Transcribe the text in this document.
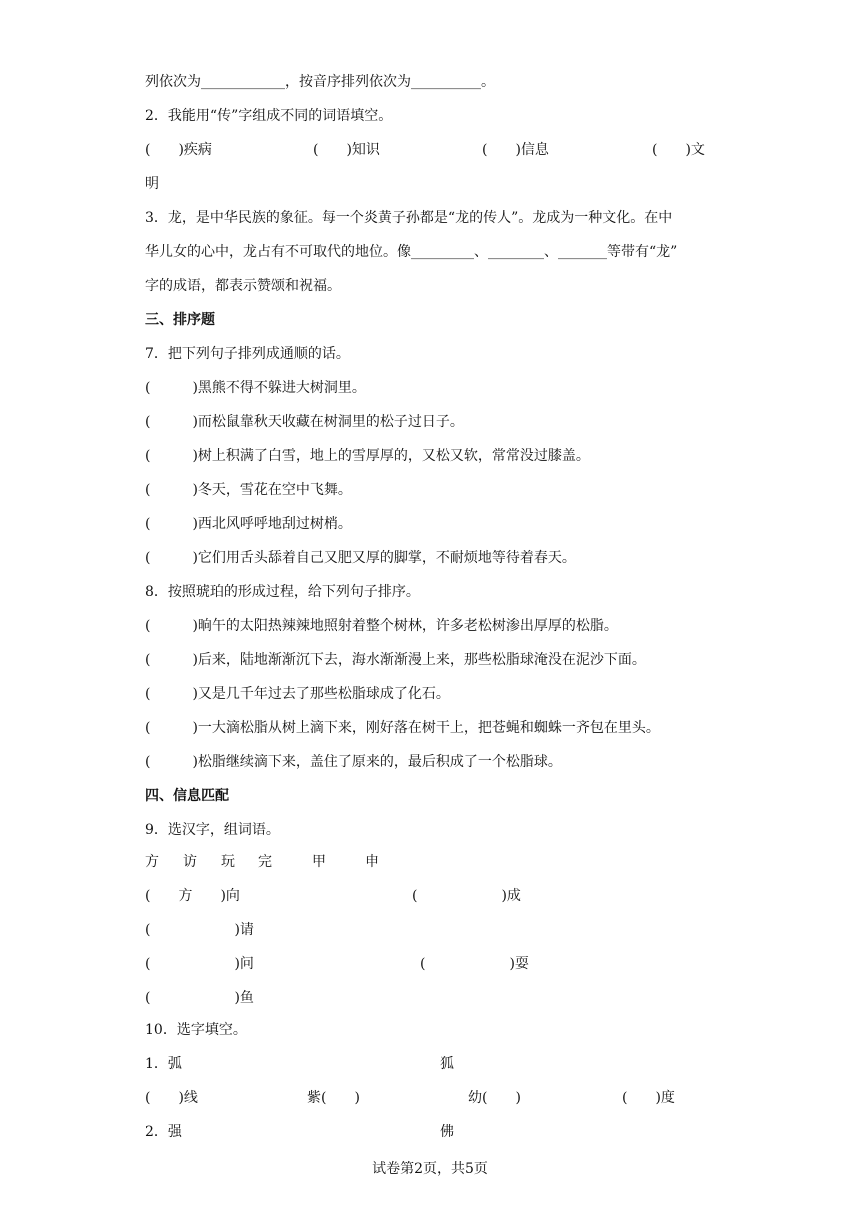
列依次为____________，按音序排列依次为__________。
2．我能用“传”字组成不同的词语填空。
(　　)疾病	(　　)知识	(　　)信息	(　　)文
明
3．龙，是中华民族的象征。每一个炎黄子孙都是“龙的传人”。龙成为一种文化。在中
华儿女的心中，龙占有不可取代的地位。像_________、________、_______等带有“龙”
字的成语，都表示赞颂和祝福。
三、排序题
7．把下列句子排列成通顺的话。
(　　　)黑熊不得不躲进大树洞里。
(　　　)而松鼠靠秋天收藏在树洞里的松子过日子。
(　　　)树上积满了白雪，地上的雪厚厚的，又松又软，常常没过膝盖。
(　　　)冬天，雪花在空中飞舞。
(　　　)西北风呼呼地刮过树梢。
(　　　)它们用舌头舔着自己又肥又厚的脚掌，不耐烦地等待着春天。
8．按照琥珀的形成过程，给下列句子排序。
(　　　)晌午的太阳热辣辣地照射着整个树林，许多老松树渗出厚厚的松脂。
(　　　)后来，陆地渐渐沉下去，海水渐渐漫上来，那些松脂球淹没在泥沙下面。
(　　　)又是几千年过去了那些松脂球成了化石。
(　　　)一大滴松脂从树上滴下来，刚好落在树干上，把苍蝇和蜘蛛一齐包在里头。
(　　　)松脂继续滴下来，盖住了原来的，最后积成了一个松脂球。
四、信息匹配
9．选汉字，组词语。
方 访 玩 完	甲	申
(　　方　　)向	(　　　　　　)成
(　　　　　　)请
(　　　　　　)问	(　　　　　　)耍
(　　　　　　)鱼
10．选字填空。
1．弧	狐
(　　)线	紫(　　)	幼(　　)	(　　)度
2．强	佛
试卷第2页，共5页
